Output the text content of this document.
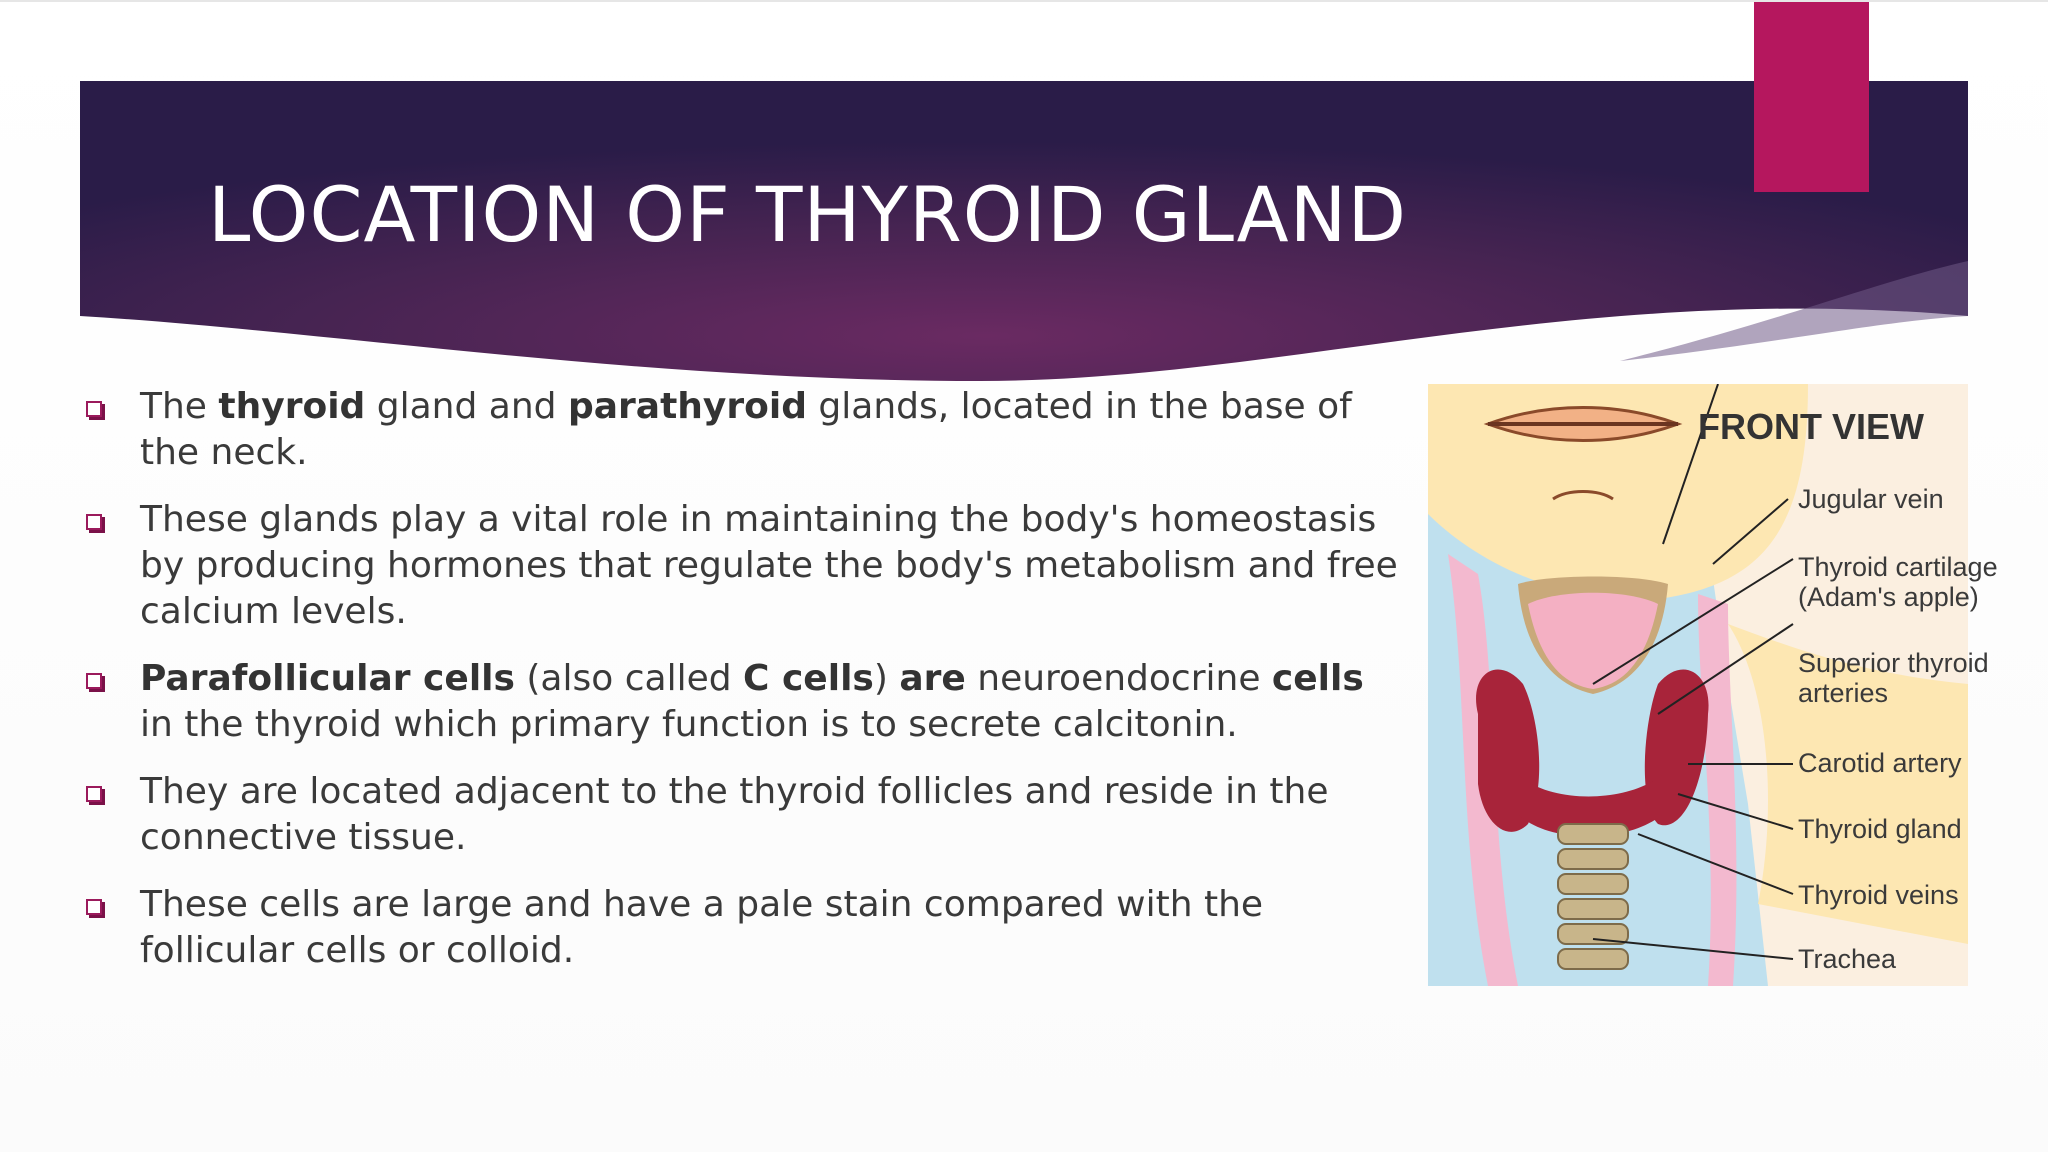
LOCATION OF THYROID GLAND
The thyroid gland and parathyroid glands, located in the base of the neck.
These glands play a vital role in maintaining the body's homeostasis by producing hormones that regulate the body's metabolism and free calcium levels.
Parafollicular cells (also called C cells) are neuroendocrine cells in the thyroid which primary function is to secrete calcitonin.
They are located adjacent to the thyroid follicles and reside in the connective tissue.
These cells are large and have a pale stain compared with the follicular cells or colloid.
FRONT VIEW
Jugular vein
Thyroid cartilage
(Adam's apple)
Superior thyroid
arteries
Carotid artery
Thyroid gland
Thyroid veins
Trachea
